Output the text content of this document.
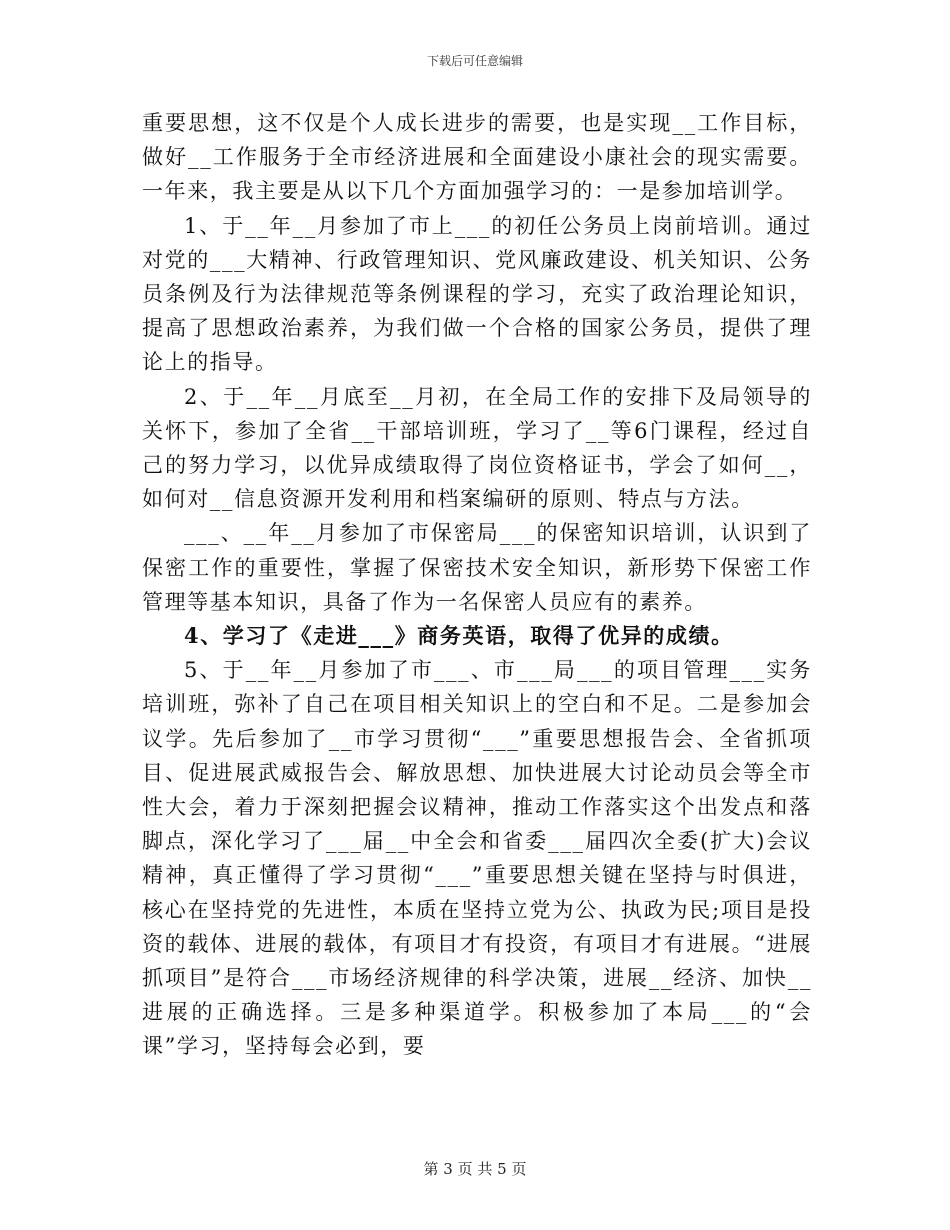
下载后可任意编辑

重要思想，这不仅是个人成长进步的需要，也是实现__工作目标，做好__工作服务于全市经济进展和全面建设小康社会的现实需要。一年来，我主要是从以下几个方面加强学习的：一是参加培训学。

1、于__年__月参加了市上___的初任公务员上岗前培训。通过对党的___大精神、行政管理知识、党风廉政建设、机关知识、公务员条例及行为法律规范等条例课程的学习，充实了政治理论知识，提高了思想政治素养，为我们做一个合格的国家公务员，提供了理论上的指导。

2、于__年__月底至__月初，在全局工作的安排下及局领导的关怀下，参加了全省__干部培训班，学习了__等6门课程，经过自己的努力学习，以优异成绩取得了岗位资格证书，学会了如何__，如何对__信息资源开发利用和档案编研的原则、特点与方法。

___、__年__月参加了市保密局___的保密知识培训，认识到了保密工作的重要性，掌握了保密技术安全知识，新形势下保密工作管理等基本知识，具备了作为一名保密人员应有的素养。

4、学习了《走进___》商务英语，取得了优异的成绩。

5、于__年__月参加了市___、市___局___的项目管理___实务培训班，弥补了自己在项目相关知识上的空白和不足。二是参加会议学。先后参加了__市学习贯彻“___”重要思想报告会、全省抓项目、促进展武威报告会、解放思想、加快进展大讨论动员会等全市性大会，着力于深刻把握会议精神，推动工作落实这个出发点和落脚点，深化学习了___届__中全会和省委___届四次全委(扩大)会议精神，真正懂得了学习贯彻“___”重要思想关键在坚持与时俱进，核心在坚持党的先进性，本质在坚持立党为公、执政为民;项目是投资的载体、进展的载体，有项目才有投资，有项目才有进展。“进展抓项目”是符合___市场经济规律的科学决策，进展__经济、加快__进展的正确选择。三是多种渠道学。积极参加了本局___的“会课”学习，坚持每会必到，要

第 3 页 共 5 页
